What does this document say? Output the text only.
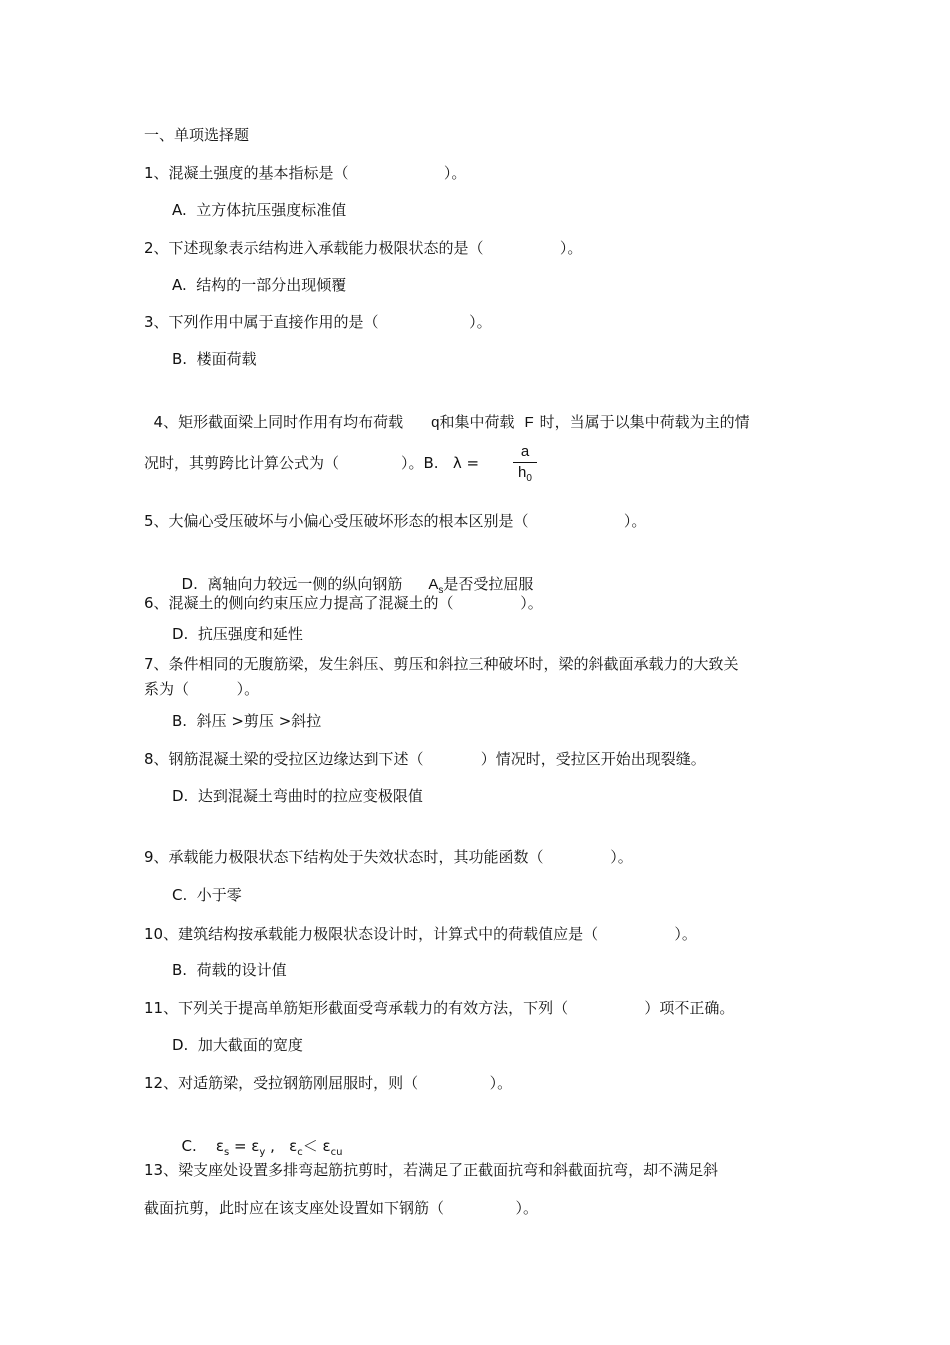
一、单项选择题
1、混凝土强度的基本指标是（                    ）。
A.  立方体抗压强度标准值
2、下述现象表示结构进入承载能力极限状态的是（                ）。
A.  结构的一部分出现倾覆
3、下列作用中属于直接作用的是（                   ）。
B.  楼面荷载

4、矩形截面梁上同时作用有均布荷载 q和集中荷载 F 时，当属于以集中荷载为主的情

况时，其剪跨比计算公式为（             ）。B.   λ =
a
$h_0$
5、大偏心受压破坏与小偏心受压破坏形态的根本区别是（                    ）。

D.  离轴向力较远一侧的纵向钢筋 $A_s$是否受拉屈服

6、混凝土的侧向约束压应力提高了混凝土的（              ）。
D.  抗压强度和延性
7、条件相同的无腹筋梁，发生斜压、剪压和斜拉三种破坏时，梁的斜截面承载力的大致关
系为（          ）。
B.  斜压 >剪压 >斜拉
8、钢筋混凝土梁的受拉区边缘达到下述（            ）情况时，受拉区开始出现裂缝。
D.  达到混凝土弯曲时的拉应变极限值
9、承载能力极限状态下结构处于失效状态时，其功能函数（              ）。
C.  小于零
10、建筑结构按承载能力极限状态设计时，计算式中的荷载值应是（                ）。
B.  荷载的设计值
11、下列关于提高单筋矩形截面受弯承载力的有效方法，下列（                ）项不正确。
D.  加大截面的宽度
12、对适筋梁，受拉钢筋刚屈服时，则（               ）。

C.    $\varepsilon_s = \varepsilon_y$ ,   $\varepsilon_c< \varepsilon_{cu}$

13、梁支座处设置多排弯起筋抗剪时，若满足了正截面抗弯和斜截面抗弯，却不满足斜
截面抗剪，此时应在该支座处设置如下钢筋（               ）。
